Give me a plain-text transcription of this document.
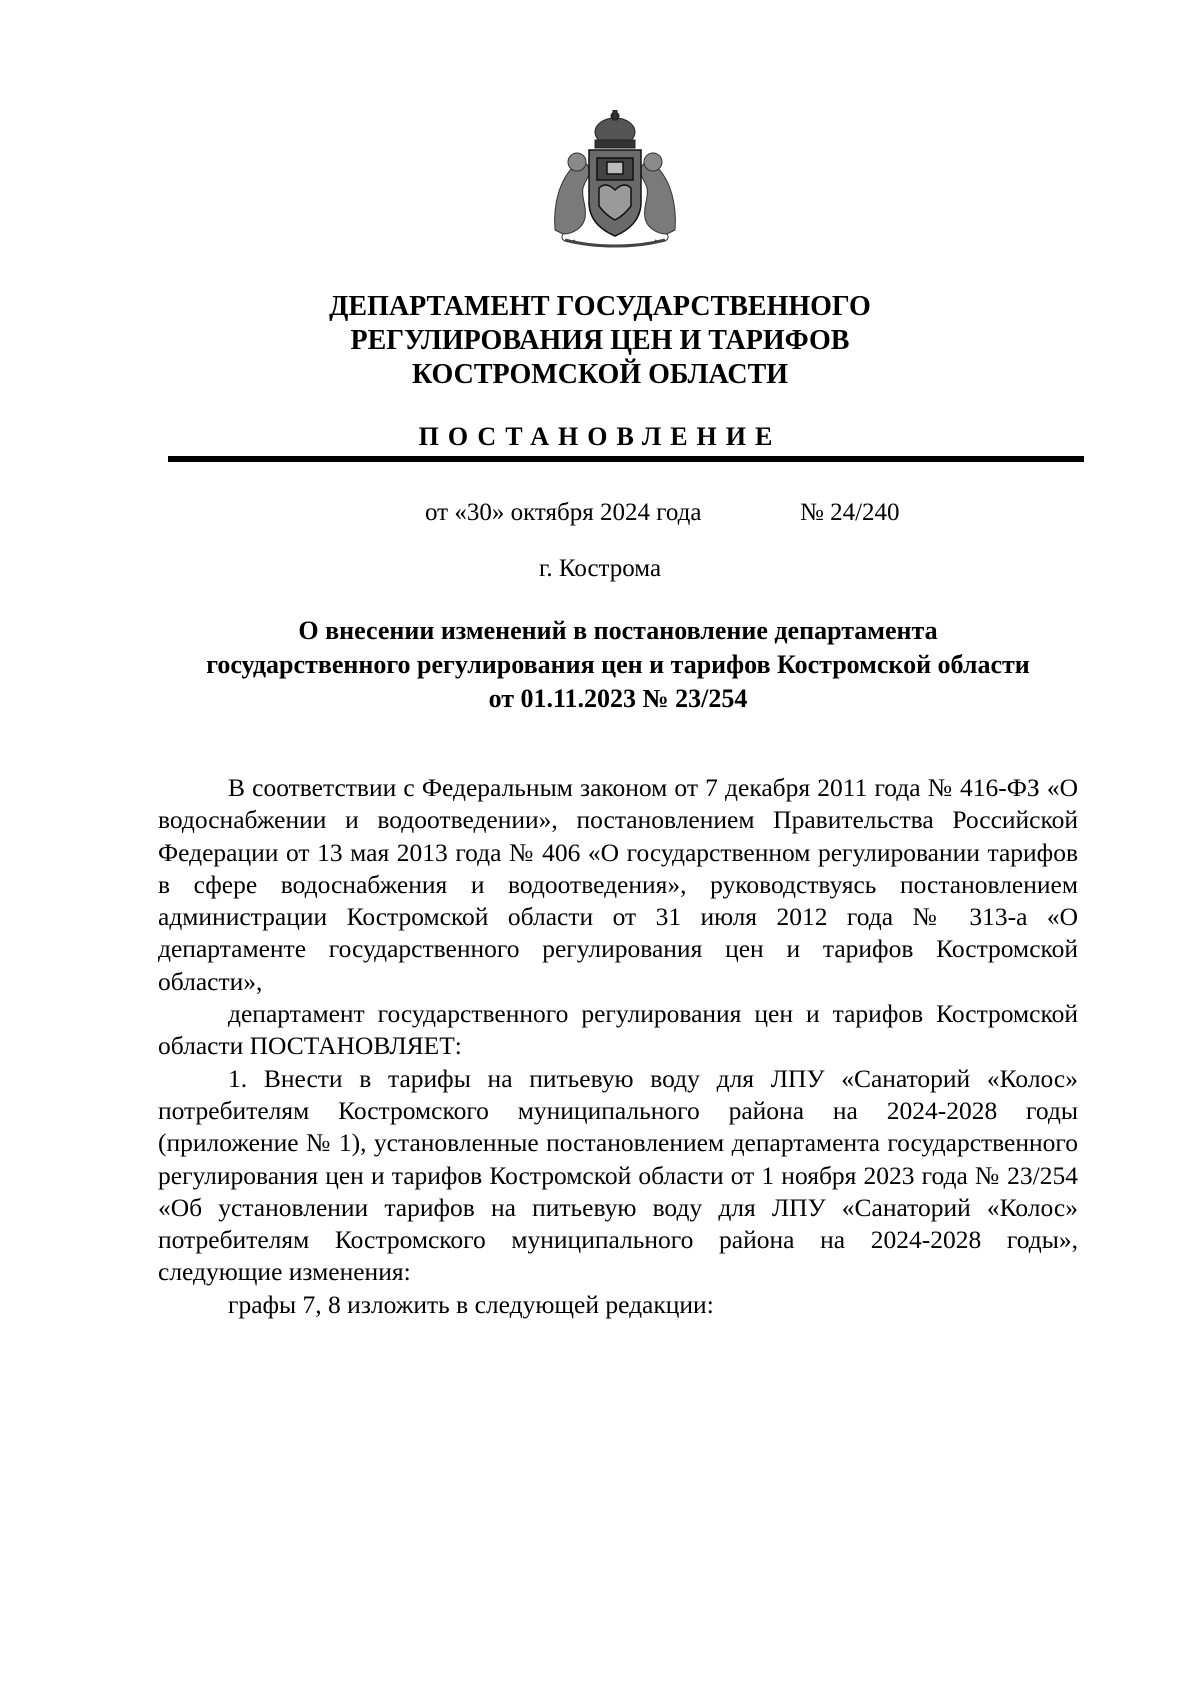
ДЕПАРТАМЕНТ ГОСУДАРСТВЕННОГО
РЕГУЛИРОВАНИЯ ЦЕН И ТАРИФОВ
КОСТРОМСКОЙ ОБЛАСТИ
ПОСТАНОВЛЕНИЕ
от «30» октября 2024 года	№ 24/240
г. Кострома
О внесении изменений в постановление департамента
государственного регулирования цен и тарифов Костромской области
от 01.11.2023 № 23/254

В соответствии с Федеральным законом от 7 декабря 2011 года № 416-ФЗ «О водоснабжении и водоотведении», постановлением Правительства Российской Федерации от 13 мая 2013 года № 406 «О государственном регулировании тарифов в сфере водоснабжения и водоотведения», руководствуясь постановлением администрации Костромской области от 31 июля 2012 года № 313-а «О департаменте государственного регулирования цен и тарифов Костромской области»,

департамент государственного регулирования цен и тарифов Костромской области ПОСТАНОВЛЯЕТ:

1. Внести в тарифы на питьевую воду для ЛПУ «Санаторий «Колос» потребителям Костромского муниципального района на 2024-2028 годы (приложение № 1), установленные постановлением департамента государственного регулирования цен и тарифов Костромской области от 1 ноября 2023 года № 23/254 «Об установлении тарифов на питьевую воду для ЛПУ «Санаторий «Колос» потребителям Костромского муниципального района на 2024-2028 годы», следующие изменения:

графы 7, 8 изложить в следующей редакции:
